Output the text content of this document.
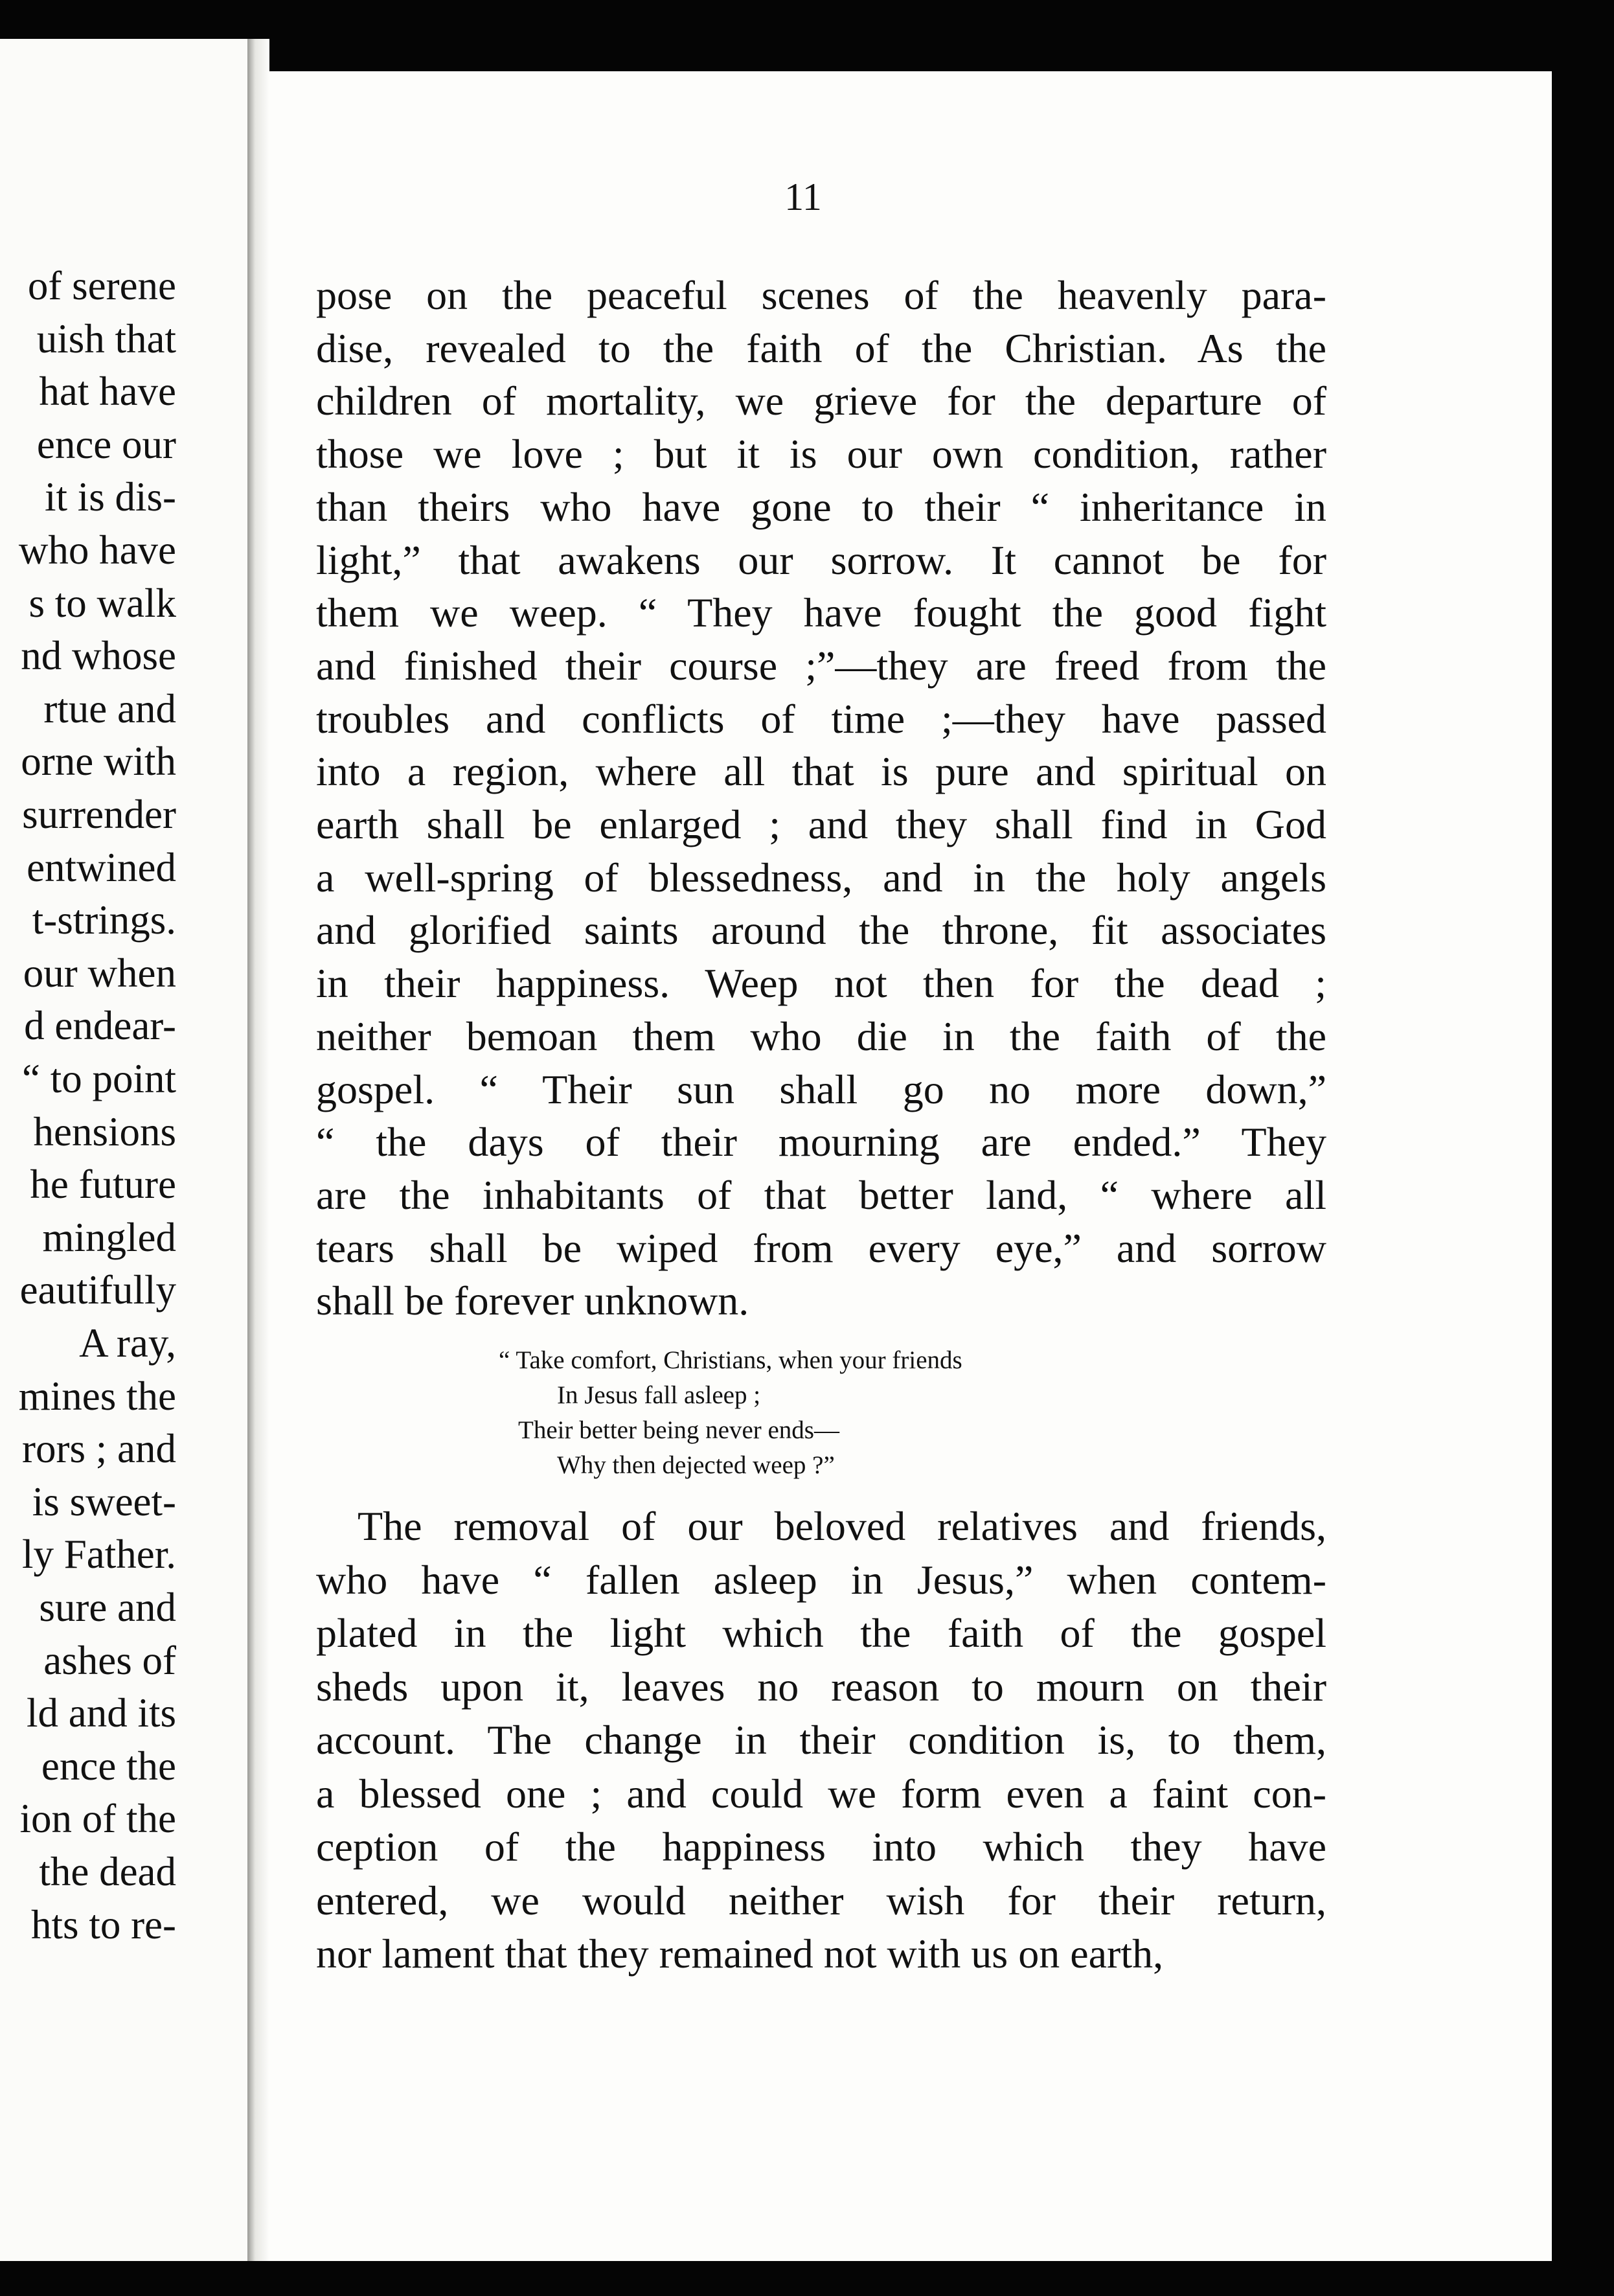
of serene
uish that
hat have
ence our
it is dis-
who have
s to walk
nd whose
rtue and
orne with
surrender
entwined
t-strings.
our when
d endear-
“ to point
hensions
he future
mingled
eautifully
A ray,
mines the
rors ; and
is sweet-
ly Father.
sure and
ashes of
ld and its
ence the
ion of the
the dead
hts to re-
11
pose on the peaceful scenes of the heavenly para-
dise, revealed to the faith of the Christian. As the
children of mortality, we grieve for the departure of
those we love ; but it is our own condition, rather
than theirs who have gone to their “ inheritance in
light,” that awakens our sorrow. It cannot be for
them we weep. “ They have fought the good fight
and finished their course ;”—they are freed from the
troubles and conflicts of time ;—they have passed
into a region, where all that is pure and spiritual on
earth shall be enlarged ; and they shall find in God
a well-spring of blessedness, and in the holy angels
and glorified saints around the throne, fit associates
in their happiness. Weep not then for the dead ;
neither bemoan them who die in the faith of the
gospel. “ Their sun shall go no more down,”
“ the days of their mourning are ended.” They
are the inhabitants of that better land, “ where all
tears shall be wiped from every eye,” and sorrow
shall be forever unknown.
“ Take comfort, Christians, when your friends
In Jesus fall asleep ;
Their better being never ends—
Why then dejected weep ?”
The removal of our beloved relatives and friends,
who have “ fallen asleep in Jesus,” when contem-
plated in the light which the faith of the gospel
sheds upon it, leaves no reason to mourn on their
account. The change in their condition is, to them,
a blessed one ; and could we form even a faint con-
ception of the happiness into which they have
entered, we would neither wish for their return,
nor lament that they remained not with us on earth,
